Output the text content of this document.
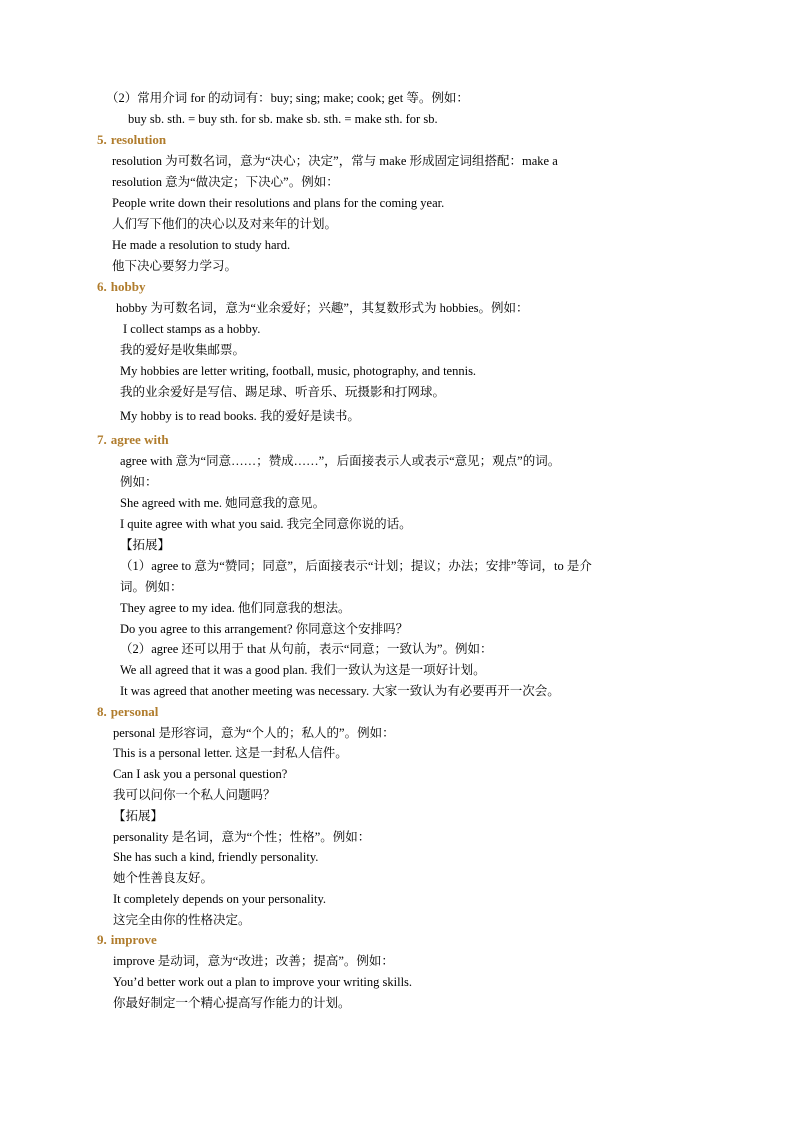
（2）常用介词 for 的动词有：buy; sing; make; cook; get 等。例如：
buy sb. sth. = buy sth. for sb. make sb. sth. = make sth. for sb.
5. resolution
resolution 为可数名词，意为“决心；决定”，常与 make 形成固定词组搭配：make a
resolution 意为“做决定；下决心”。例如：
People write down their resolutions and plans for the coming year.
人们写下他们的决心以及对来年的计划。
He made a resolution to study hard.
他下决心要努力学习。
6. hobby
hobby 为可数名词，意为“业余爱好；兴趣”，其复数形式为 hobbies。例如：
I collect stamps as a hobby.
我的爱好是收集邮票。
My hobbies are letter writing, football, music, photography, and tennis.
我的业余爱好是写信、踢足球、听音乐、玩摄影和打网球。
My hobby is to read books. 我的爱好是读书。
7. agree with
agree with 意为“同意……；赞成……”，后面接表示人或表示“意见；观点”的词。
例如：
She agreed with me. 她同意我的意见。
I quite agree with what you said. 我完全同意你说的话。
【拓展】
（1）agree to 意为“赞同；同意”，后面接表示“计划；提议；办法；安排”等词，to 是介
词。例如：
They agree to my idea. 他们同意我的想法。
Do you agree to this arrangement? 你同意这个安排吗？
（2）agree 还可以用于 that 从句前，表示“同意；一致认为”。例如：
We all agreed that it was a good plan. 我们一致认为这是一项好计划。
It was agreed that another meeting was necessary. 大家一致认为有必要再开一次会。
8. personal
personal 是形容词，意为“个人的；私人的”。例如：
This is a personal letter. 这是一封私人信件。
Can I ask you a personal question?
我可以问你一个私人问题吗？
【拓展】
personality 是名词，意为“个性；性格”。例如：
She has such a kind, friendly personality.
她个性善良友好。
It completely depends on your personality.
这完全由你的性格决定。
9. improve
improve 是动词，意为“改进；改善；提高”。例如：
You’d better work out a plan to improve your writing skills.
你最好制定一个精心提高写作能力的计划。
